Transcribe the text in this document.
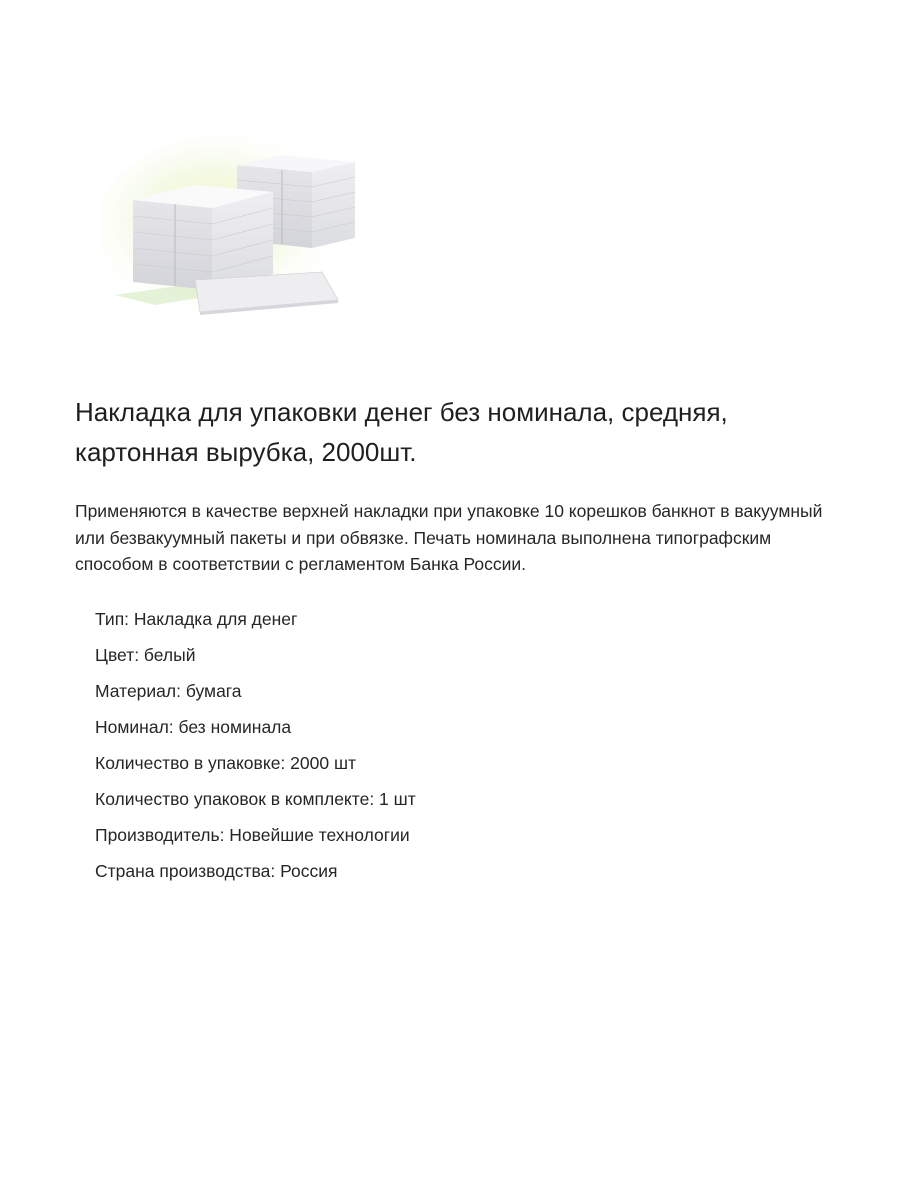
Накладка для упаковки денег без номинала, средняя, картонная вырубка, 2000шт.

Применяются в качестве верхней накладки при упаковке 10 корешков банкнот в вакуумный или безвакуумный пакеты и при обвязке. Печать номинала выполнена типографским способом в соответствии с регламентом Банка России.

Тип: Накладка для денег
Цвет: белый
Материал: бумага
Номинал: без номинала
Количество в упаковке: 2000 шт
Количество упаковок в комплекте: 1 шт
Производитель: Новейшие технологии
Страна производства: Россия
